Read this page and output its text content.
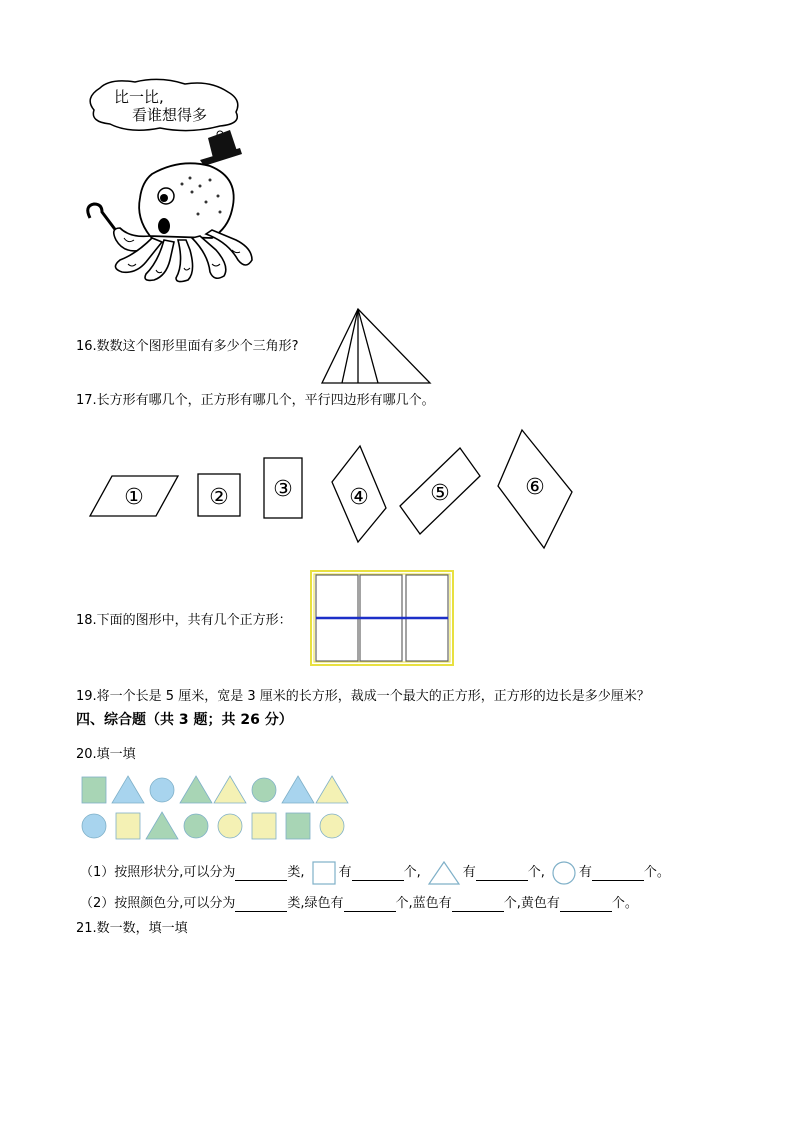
比一比,
看谁想得多
16.数数这个图形里面有多少个三角形?
17.长方形有哪几个，正方形有哪几个，平行四边形有哪几个。
①	② ③	④	⑤	⑥
18.下面的图形中，共有几个正方形：
19.将一个长是 5 厘米，宽是 3 厘米的长方形，裁成一个最大的正方形，正方形的边长是多少厘米？
四、综合题（共 3 题；共 26 分）
20.填一填
（1）按照形状分,可以分为	类,	有	个,	有	个,	有	个。
（2）按照颜色分,可以分为	类,绿色有	个,蓝色有	个,黄色有	个。
21.数一数，填一填
